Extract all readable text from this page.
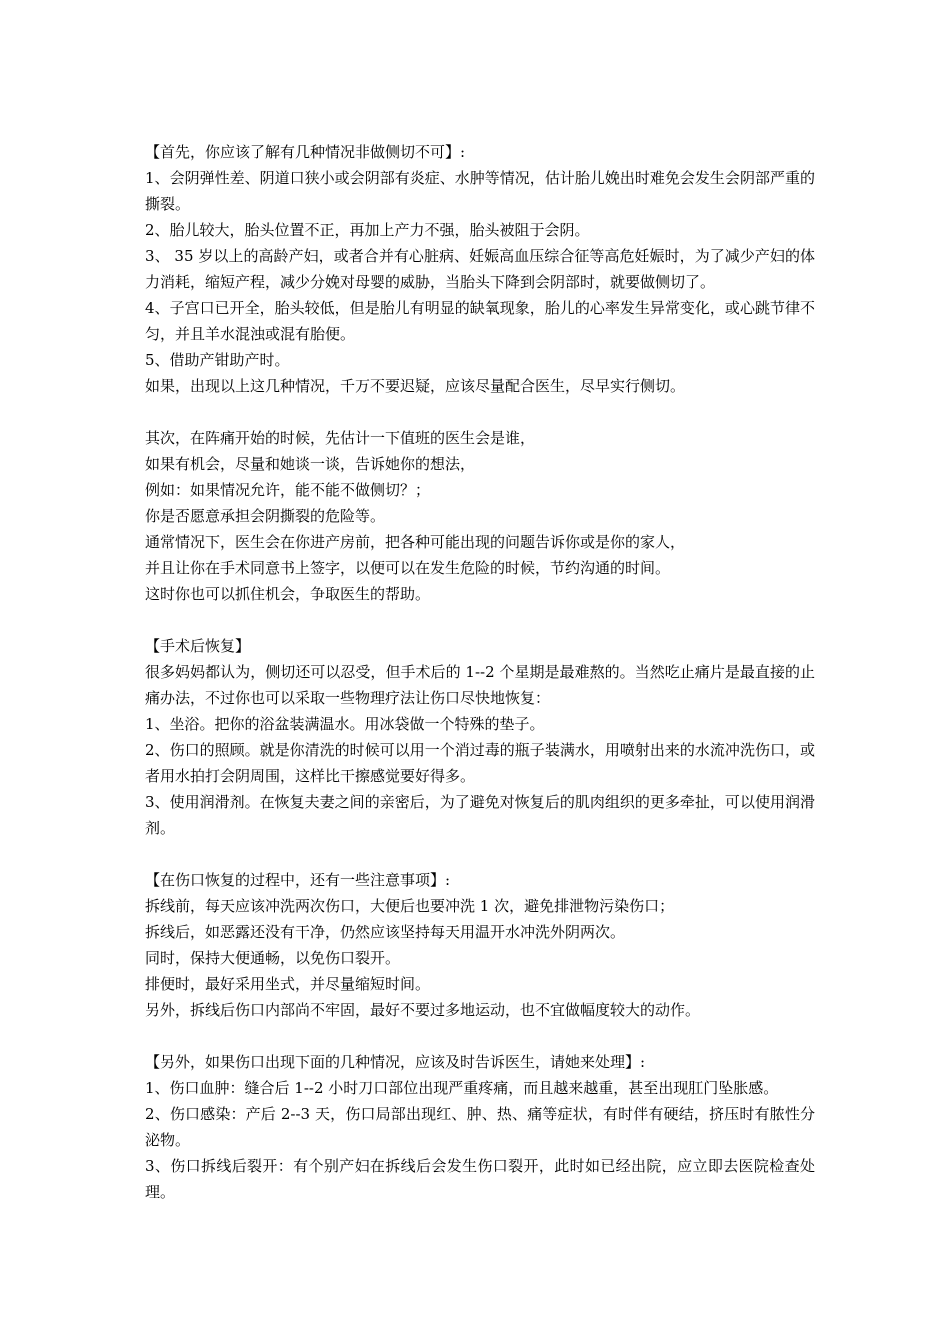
【首先，你应该了解有几种情况非做侧切不可】:

1、会阴弹性差、阴道口狭小或会阴部有炎症、水肿等情况，估计胎儿娩出时难免会发生会阴部严重的撕裂。

2、胎儿较大，胎头位置不正，再加上产力不强，胎头被阻于会阴。

3、 35 岁以上的高龄产妇，或者合并有心脏病、妊娠高血压综合征等高危妊娠时，为了减少产妇的体力消耗，缩短产程，减少分娩对母婴的威胁，当胎头下降到会阴部时，就要做侧切了。

4、子宫口已开全，胎头较低，但是胎儿有明显的缺氧现象，胎儿的心率发生异常变化，或心跳节律不匀，并且羊水混浊或混有胎便。

5、借助产钳助产时。

如果，出现以上这几种情况，千万不要迟疑，应该尽量配合医生，尽早实行侧切。

其次，在阵痛开始的时候，先估计一下值班的医生会是谁，

如果有机会，尽量和她谈一谈，告诉她你的想法，

例如：如果情况允许，能不能不做侧切？；

你是否愿意承担会阴撕裂的危险等。

通常情况下，医生会在你进产房前，把各种可能出现的问题告诉你或是你的家人，

并且让你在手术同意书上签字，以便可以在发生危险的时候，节约沟通的时间。

这时你也可以抓住机会，争取医生的帮助。

【手术后恢复】

很多妈妈都认为，侧切还可以忍受，但手术后的 1--2 个星期是最难熬的。当然吃止痛片是最直接的止痛办法，不过你也可以采取一些物理疗法让伤口尽快地恢复：

1、坐浴。把你的浴盆装满温水。用冰袋做一个特殊的垫子。

2、伤口的照顾。就是你清洗的时候可以用一个消过毒的瓶子装满水，用喷射出来的水流冲洗伤口，或者用水拍打会阴周围，这样比干擦感觉要好得多。

3、使用润滑剂。在恢复夫妻之间的亲密后，为了避免对恢复后的肌肉组织的更多牵扯，可以使用润滑剂。

【在伤口恢复的过程中，还有一些注意事项】:

拆线前，每天应该冲洗两次伤口，大便后也要冲洗 1 次，避免排泄物污染伤口；

拆线后，如恶露还没有干净，仍然应该坚持每天用温开水冲洗外阴两次。

同时，保持大便通畅，以免伤口裂开。

排便时，最好采用坐式，并尽量缩短时间。

另外，拆线后伤口内部尚不牢固，最好不要过多地运动，也不宜做幅度较大的动作。

【另外，如果伤口出现下面的几种情况，应该及时告诉医生，请她来处理】:

1、伤口血肿：缝合后 1--2 小时刀口部位出现严重疼痛，而且越来越重，甚至出现肛门坠胀感。

2、伤口感染：产后 2--3 天，伤口局部出现红、肿、热、痛等症状，有时伴有硬结，挤压时有脓性分泌物。

3、伤口拆线后裂开：有个别产妇在拆线后会发生伤口裂开，此时如已经出院，应立即去医院检查处理。
